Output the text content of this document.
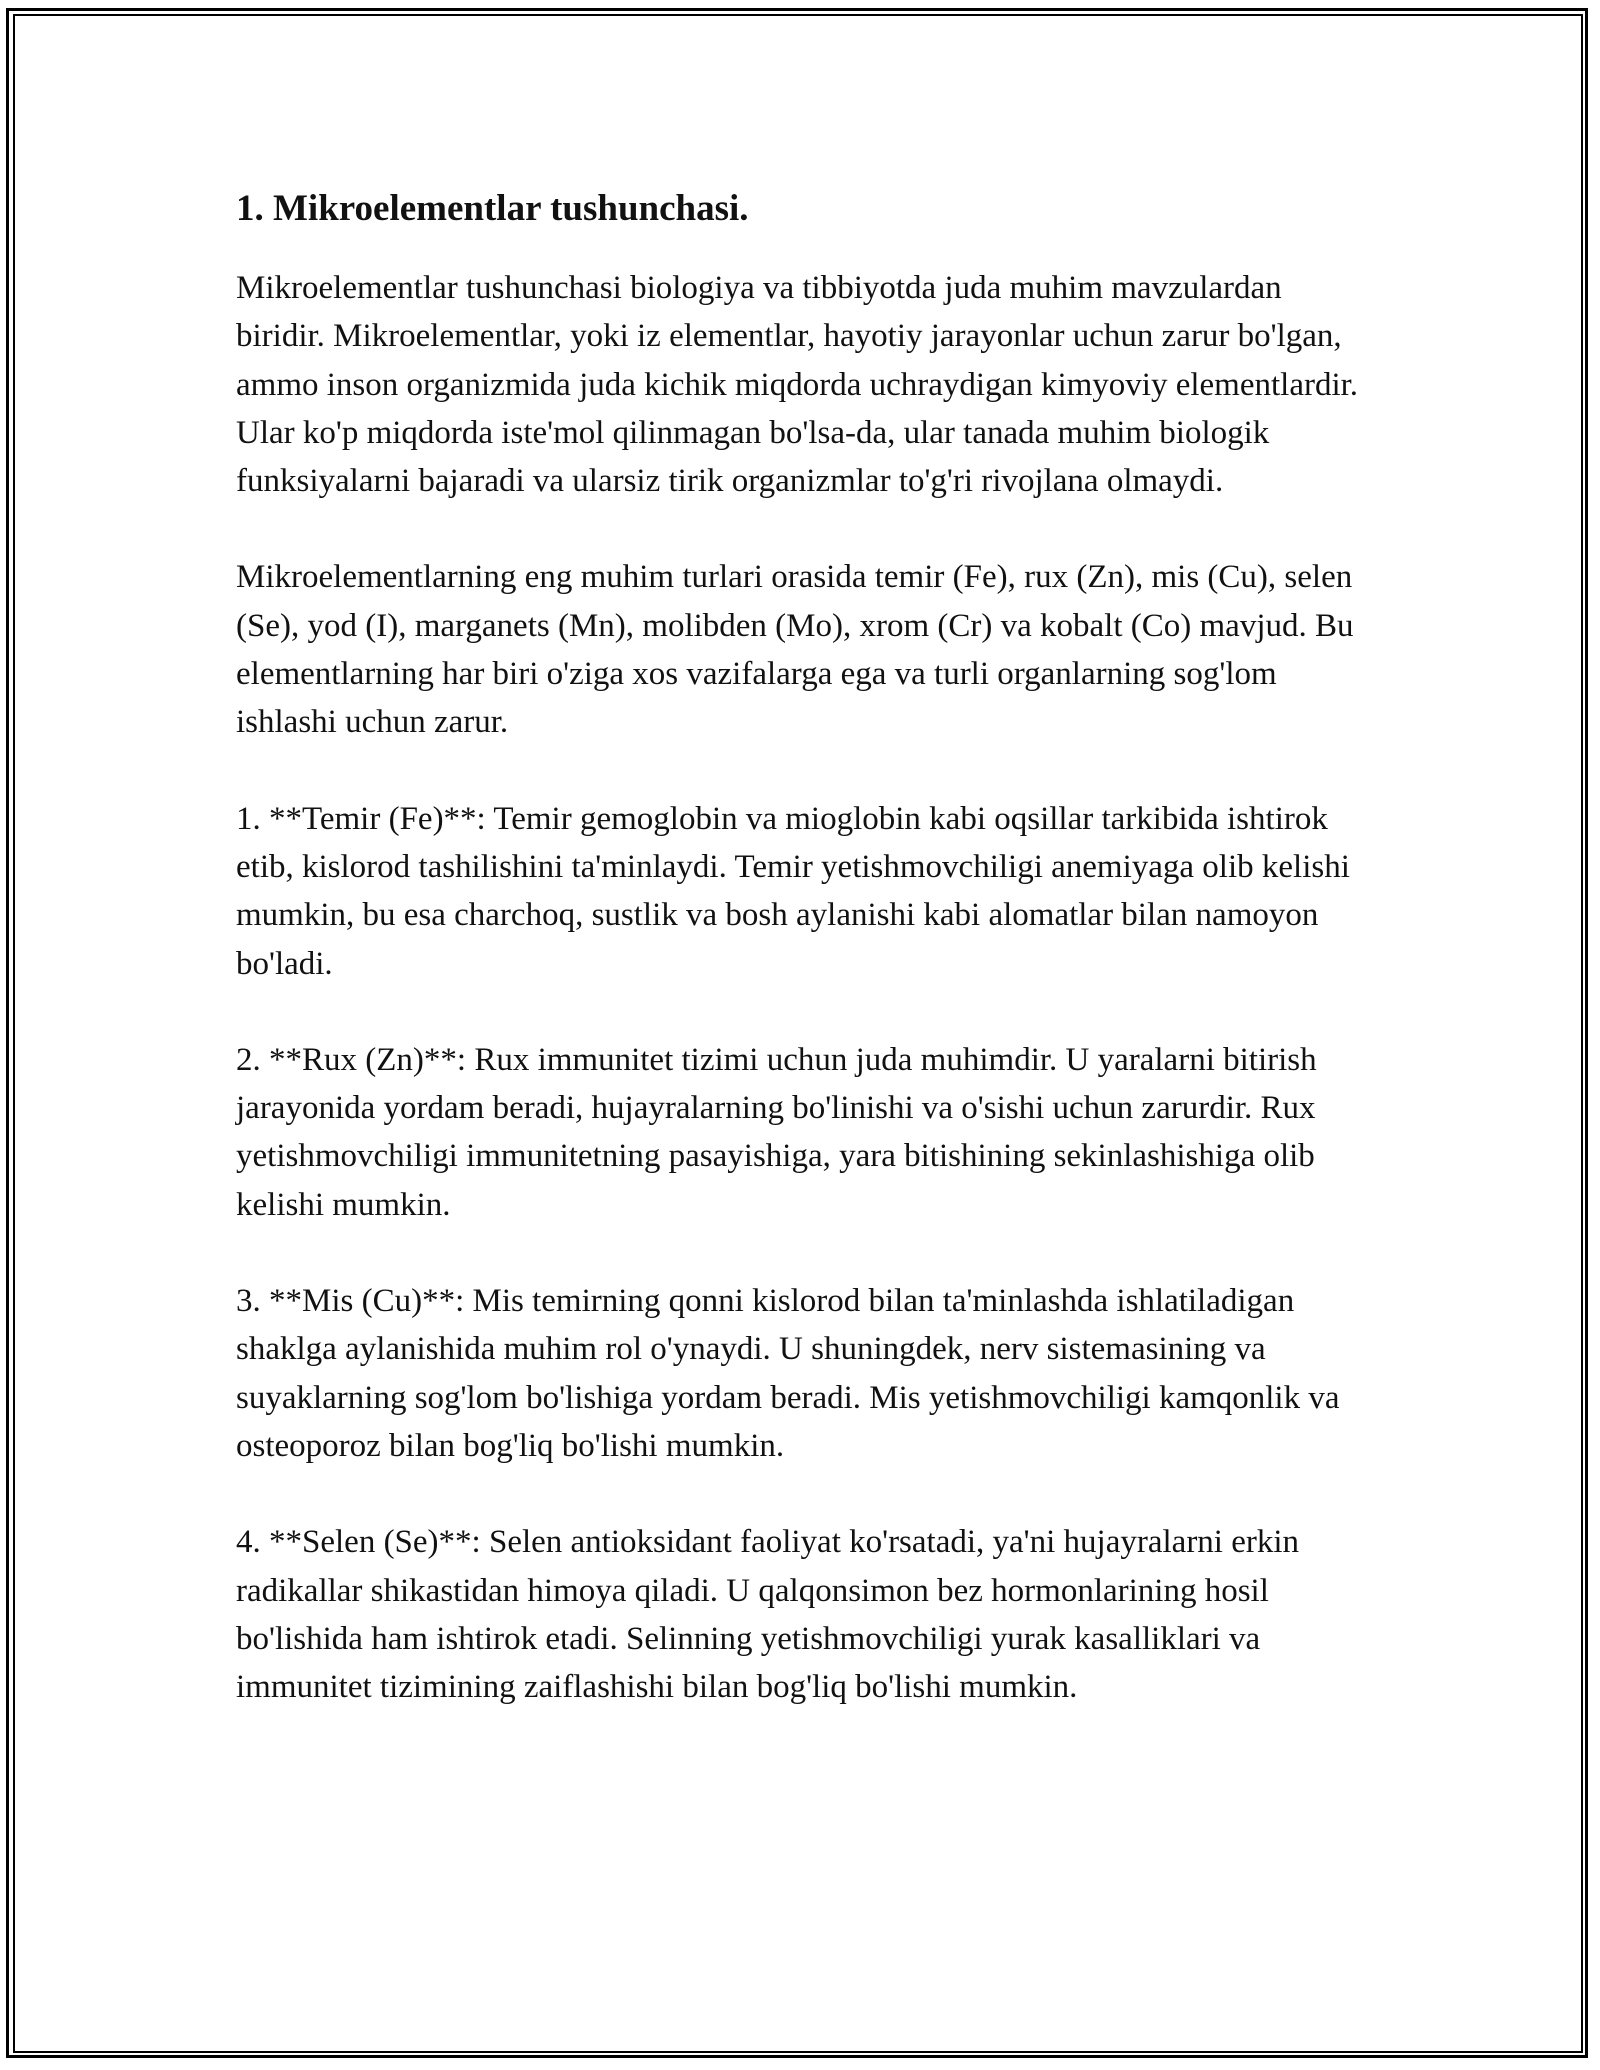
1. Mikroelementlar tushunchasi.

Mikroelementlar tushunchasi biologiya va tibbiyotda juda muhim mavzulardan biridir. Mikroelementlar, yoki iz elementlar, hayotiy jarayonlar uchun zarur bo'lgan, ammo inson organizmida juda kichik miqdorda uchraydigan kimyoviy elementlardir. Ular ko'p miqdorda iste'mol qilinmagan bo'lsa-da, ular tanada muhim biologik funksiyalarni bajaradi va ularsiz tirik organizmlar to'g'ri rivojlana olmaydi.

Mikroelementlarning eng muhim turlari orasida temir (Fe), rux (Zn), mis (Cu), selen (Se), yod (I), marganets (Mn), molibden (Mo), xrom (Cr) va kobalt (Co) mavjud. Bu elementlarning har biri o'ziga xos vazifalarga ega va turli organlarning sog'lom ishlashi uchun zarur.

1. **Temir (Fe)**: Temir gemoglobin va mioglobin kabi oqsillar tarkibida ishtirok etib, kislorod tashilishini ta'minlaydi. Temir yetishmovchiligi anemiyaga olib kelishi mumkin, bu esa charchoq, sustlik va bosh aylanishi kabi alomatlar bilan namoyon bo'ladi.

2. **Rux (Zn)**: Rux immunitet tizimi uchun juda muhimdir. U yaralarni bitirish jarayonida yordam beradi, hujayralarning bo'linishi va o'sishi uchun zarurdir. Rux yetishmovchiligi immunitetning pasayishiga, yara bitishining sekinlashishiga olib kelishi mumkin.

3. **Mis (Cu)**: Mis temirning qonni kislorod bilan ta'minlashda ishlatiladigan shaklga aylanishida muhim rol o'ynaydi. U shuningdek, nerv sistemasining va suyaklarning sog'lom bo'lishiga yordam beradi. Mis yetishmovchiligi kamqonlik va osteoporoz bilan bog'liq bo'lishi mumkin.

4. **Selen (Se)**: Selen antioksidant faoliyat ko'rsatadi, ya'ni hujayralarni erkin radikallar shikastidan himoya qiladi. U qalqonsimon bez hormonlarining hosil bo'lishida ham ishtirok etadi. Selinning yetishmovchiligi yurak kasalliklari va immunitet tizimining zaiflashishi bilan bog'liq bo'lishi mumkin.
